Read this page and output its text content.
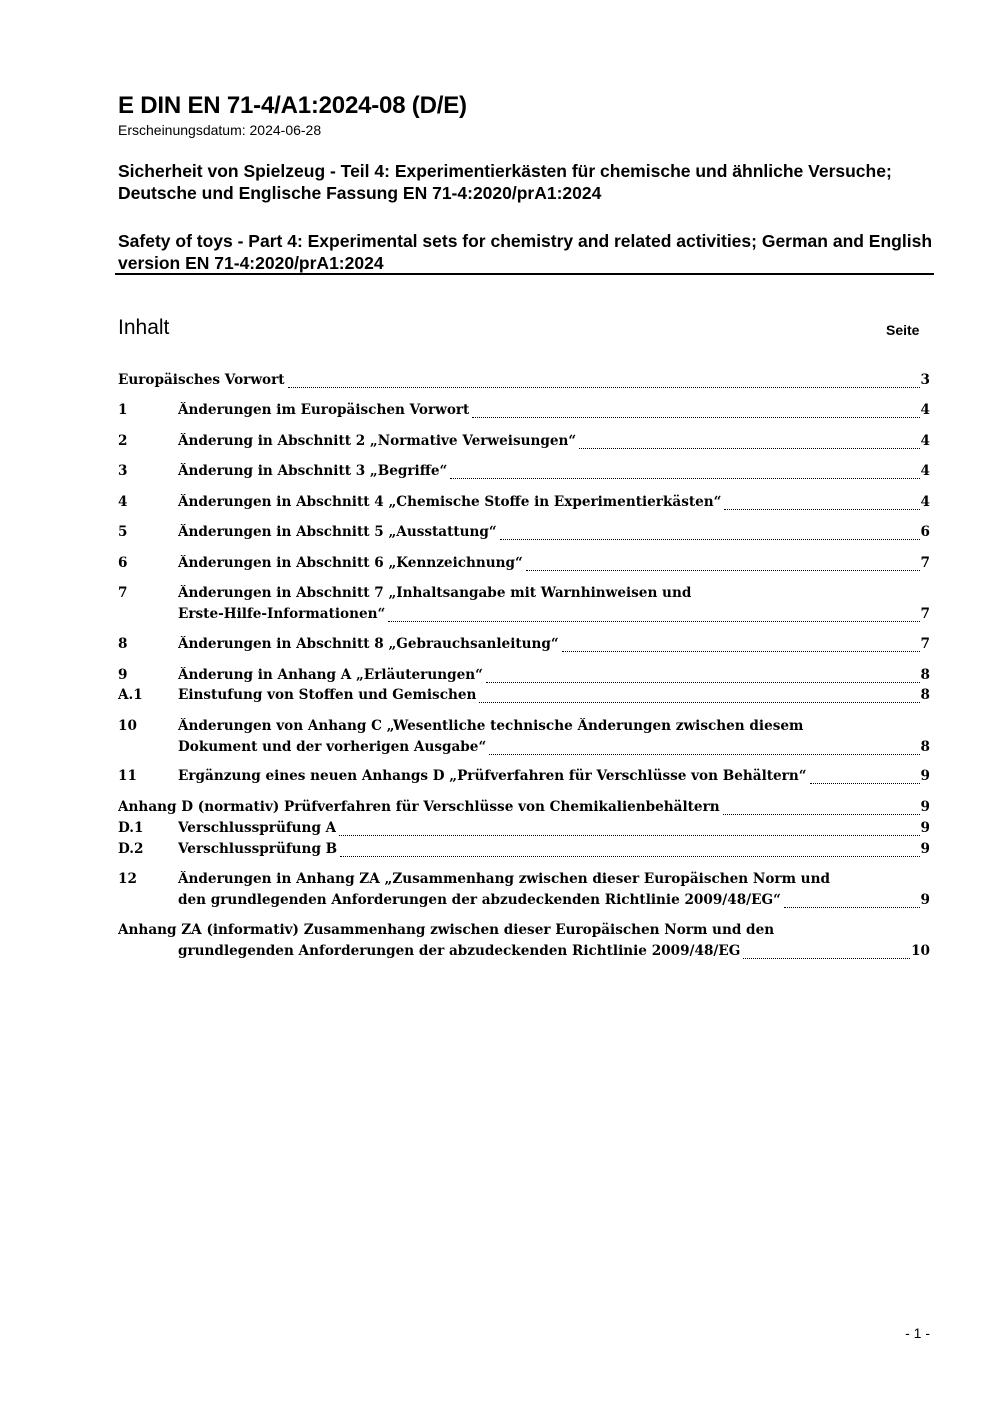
E DIN EN 71-4/A1:2024-08 (D/E)
Erscheinungsdatum: 2024-06-28
Sicherheit von Spielzeug - Teil 4: Experimentierkästen für chemische und ähnliche Versuche; Deutsche und Englische Fassung EN 71-4:2020/prA1:2024
Safety of toys - Part 4: Experimental sets for chemistry and related activities; German and English version EN 71-4:2020/prA1:2024
Inhalt	Seite
Europäisches Vorwort	3
1	Änderungen im Europäischen Vorwort	4
2	Änderung in Abschnitt 2 „Normative Verweisungen“	4
3	Änderung in Abschnitt 3 „Begriffe“	4
4	Änderungen in Abschnitt 4 „Chemische Stoffe in Experimentierkästen“	4
5	Änderungen in Abschnitt 5 „Ausstattung“	6
6	Änderungen in Abschnitt 6 „Kennzeichnung“	7
7	Änderungen in Abschnitt 7 „Inhaltsangabe mit Warnhinweisen und
Erste-Hilfe-Informationen“	7
8	Änderungen in Abschnitt 8 „Gebrauchsanleitung“	7
9	Änderung in Anhang A „Erläuterungen“	8
A.1	Einstufung von Stoffen und Gemischen	8
10	Änderungen von Anhang C „Wesentliche technische Änderungen zwischen diesem
Dokument und der vorherigen Ausgabe“	8
11	Ergänzung eines neuen Anhangs D „Prüfverfahren für Verschlüsse von Behältern“	9
Anhang D (normativ) Prüfverfahren für Verschlüsse von Chemikalienbehältern	9
D.1	Verschlussprüfung A	9
D.2	Verschlussprüfung B	9
12	Änderungen in Anhang ZA „Zusammenhang zwischen dieser Europäischen Norm und
den grundlegenden Anforderungen der abzudeckenden Richtlinie 2009/48/EG“	9
Anhang ZA (informativ) Zusammenhang zwischen dieser Europäischen Norm und den
grundlegenden Anforderungen der abzudeckenden Richtlinie 2009/48/EG	10
- 1 -
